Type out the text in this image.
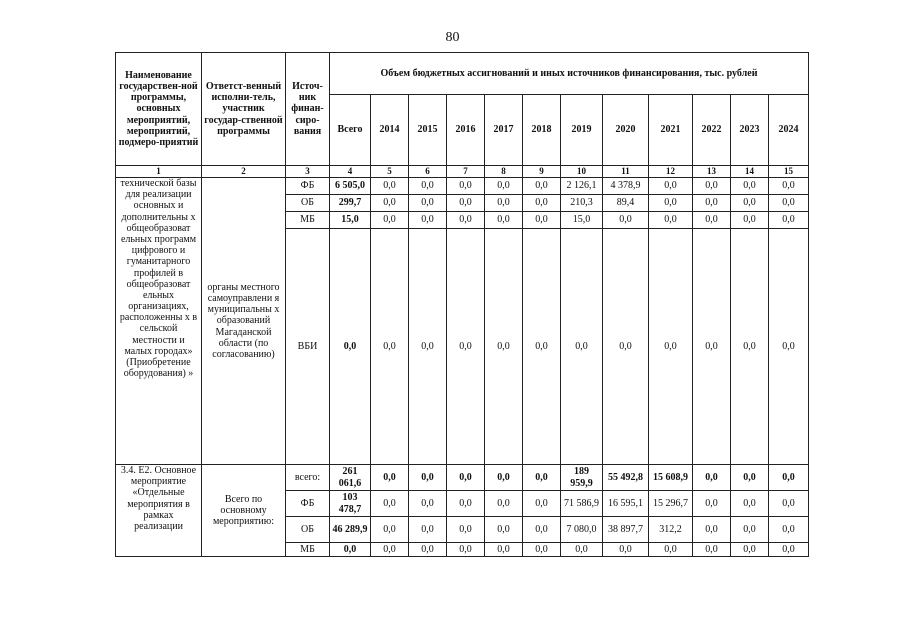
80
Наименование государствен-ной программы, основных мероприятий, мероприятий, подмеро-приятий	Ответст-венный исполни-тель, участник государ-ственной программы	Источ-ник финан-сиро-вания	Объем бюджетных ассигнований и иных источников финансирования, тыс. рублей											
			Всего	2014	2015	2016	2017	2018	2019	2020	2021	2022	2023	2024
1	2	3	4	5	6	7	8	9	10	11	12	13	14	15
технической базы для реализации основных и дополнительны х общеобразоват ельных программ цифрового и гуманитарного профилей в общеобразоват ельных организациях, расположенны х в сельской местности и малых городах» (Приобретение оборудования) »	органы местного самоуправлени я муниципальны х образований Магаданской области (по согласованию)	ФБ	6 505,0	0,0	0,0	0,0	0,0	0,0	2 126,1	4 378,9	0,0	0,0	0,0	0,0
		ОБ	299,7	0,0	0,0	0,0	0,0	0,0	210,3	89,4	0,0	0,0	0,0	0,0
		МБ	15,0	0,0	0,0	0,0	0,0	0,0	15,0	0,0	0,0	0,0	0,0	0,0
		ВБИ	0,0	0,0	0,0	0,0	0,0	0,0	0,0	0,0	0,0	0,0	0,0	0,0
3.4. Е2. Основное мероприятие «Отдельные мероприятия в рамках реализации	Всего по основному мероприятию:	всего:	261 061,6	0,0	0,0	0,0	0,0	0,0	189 959,9	55 492,8	15 608,9	0,0	0,0	0,0
		ФБ	103 478,7	0,0	0,0	0,0	0,0	0,0	71 586,9	16 595,1	15 296,7	0,0	0,0	0,0
		ОБ	46 289,9	0,0	0,0	0,0	0,0	0,0	7 080,0	38 897,7	312,2	0,0	0,0	0,0
		МБ	0,0	0,0	0,0	0,0	0,0	0,0	0,0	0,0	0,0	0,0	0,0	0,0
